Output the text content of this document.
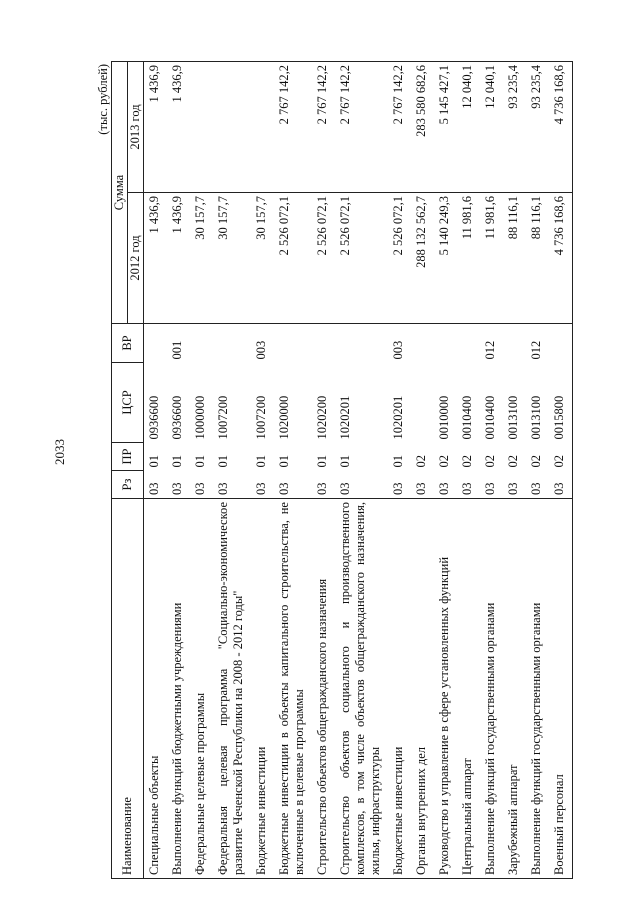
2033
(тыс. рублей)
Наименование	Рз	ПР	ЦСР	ВР	Сумма	
					2012 год	2013 год
Специальные объекты	03	01	0936600		1 436,9	1 436,9
Выполнение функций бюджетными учреждениями	03	01	0936600	001	1 436,9	1 436,9
Федеральные целевые программы	03	01	1000000		30 157,7	
Федеральная целевая программа "Социально-экономическое развитие Чеченской Республики на 2008 - 2012 годы"	03	01	1007200		30 157,7	
Бюджетные инвестиции	03	01	1007200	003	30 157,7	
Бюджетные инвестиции в объекты капитального строительства, не включенные в целевые программы	03	01	1020000		2 526 072,1	2 767 142,2
Строительство объектов общегражданского назначения	03	01	1020200		2 526 072,1	2 767 142,2
Строительство объектов социального и производственного комплексов, в том числе объектов общегражданского назначения, жилья, инфраструктуры	03	01	1020201		2 526 072,1	2 767 142,2
Бюджетные инвестиции	03	01	1020201	003	2 526 072,1	2 767 142,2
Органы внутренних дел	03	02			288 132 562,7	283 580 682,6
Руководство и управление в сфере установленных функций	03	02	0010000		5 140 249,3	5 145 427,1
Центральный аппарат	03	02	0010400		11 981,6	12 040,1
Выполнение функций государственными органами	03	02	0010400	012	11 981,6	12 040,1
Зарубежный аппарат	03	02	0013100		88 116,1	93 235,4
Выполнение функций государственными органами	03	02	0013100	012	88 116,1	93 235,4
Военный персонал	03	02	0015800		4 736 168,6	4 736 168,6
